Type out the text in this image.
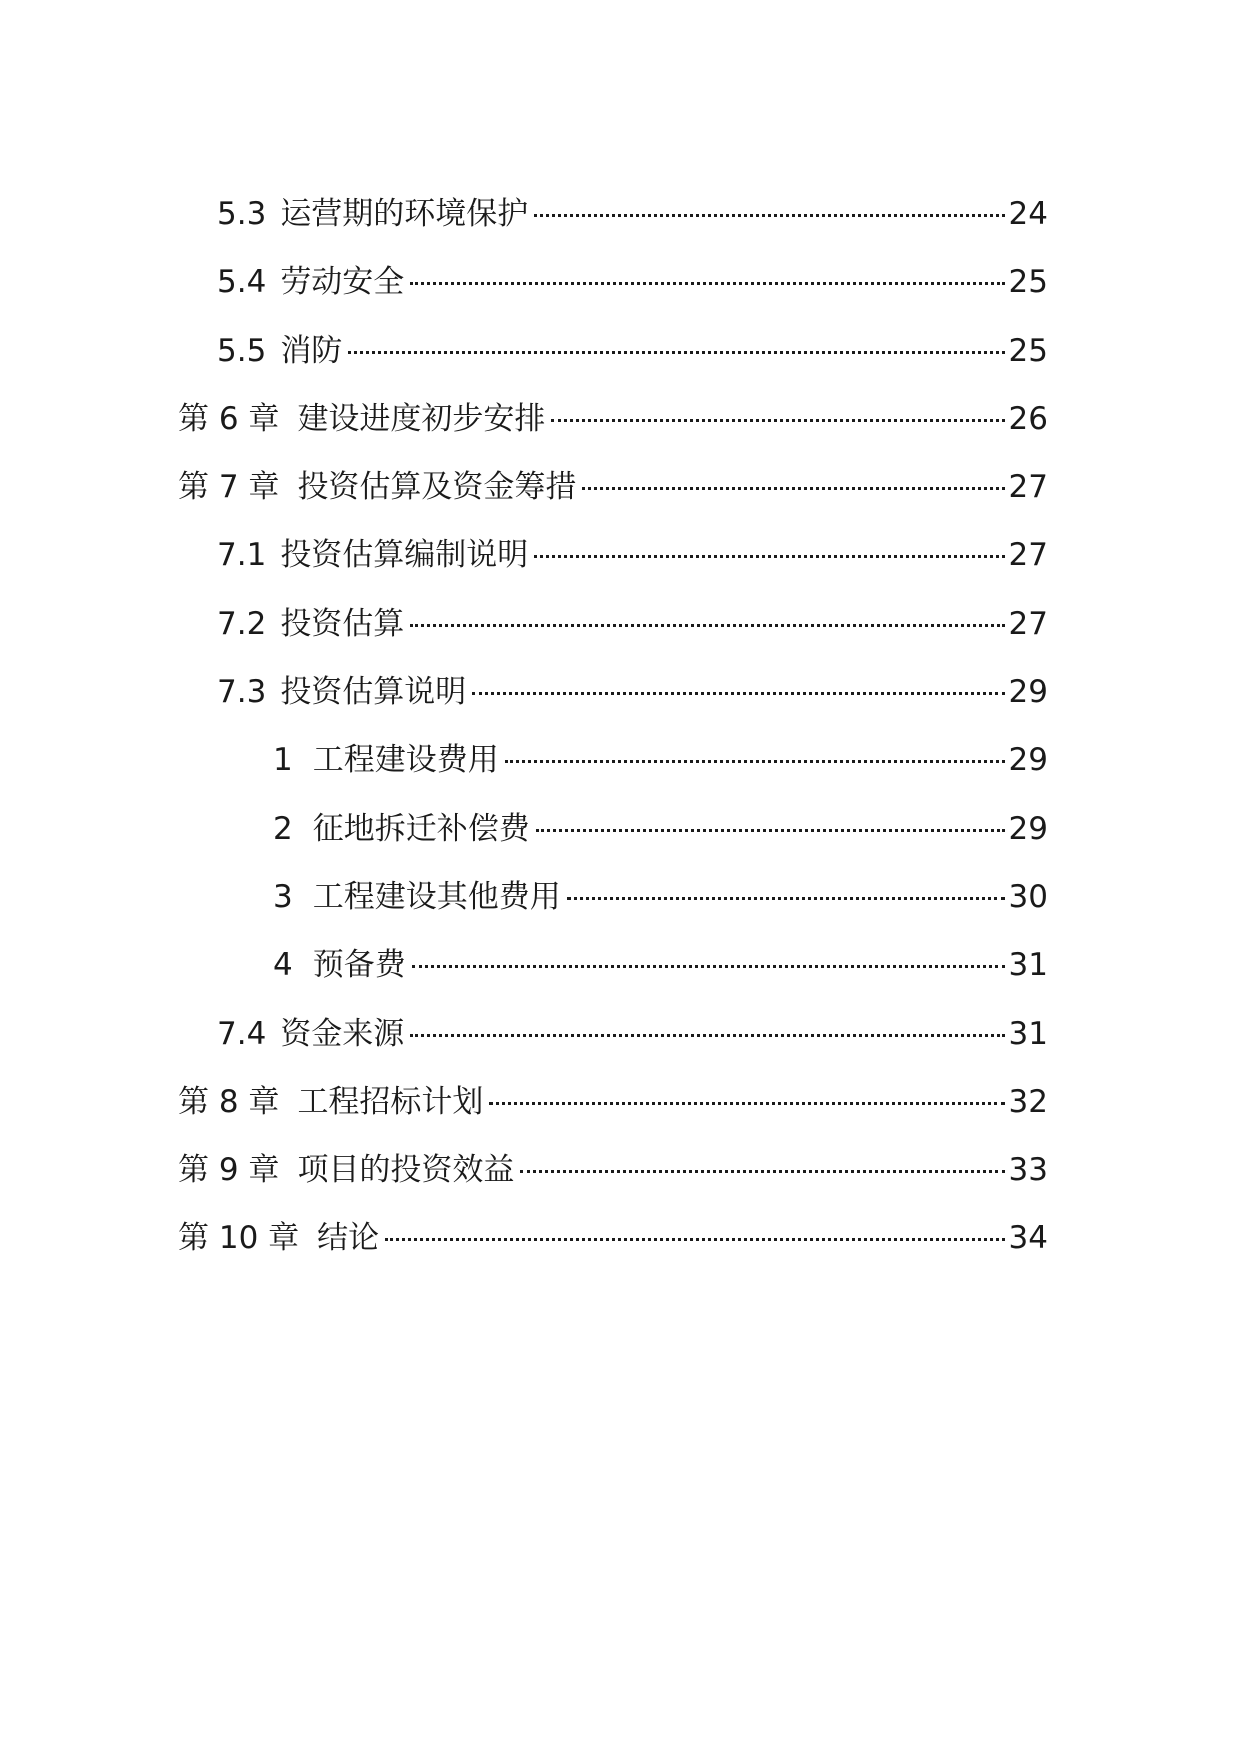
5.3 运营期的环境保护	24
5.4 劳动安全	25
5.5 消防	25
第 6 章 建设进度初步安排	26
第 7 章 投资估算及资金筹措	27
7.1 投资估算编制说明	27
7.2 投资估算	27
7.3 投资估算说明	29
1 工程建设费用	29
2 征地拆迁补偿费	29
3 工程建设其他费用	30
4 预备费	31
7.4 资金来源	31
第 8 章 工程招标计划	32
第 9 章 项目的投资效益	33
第 10 章 结论	34
